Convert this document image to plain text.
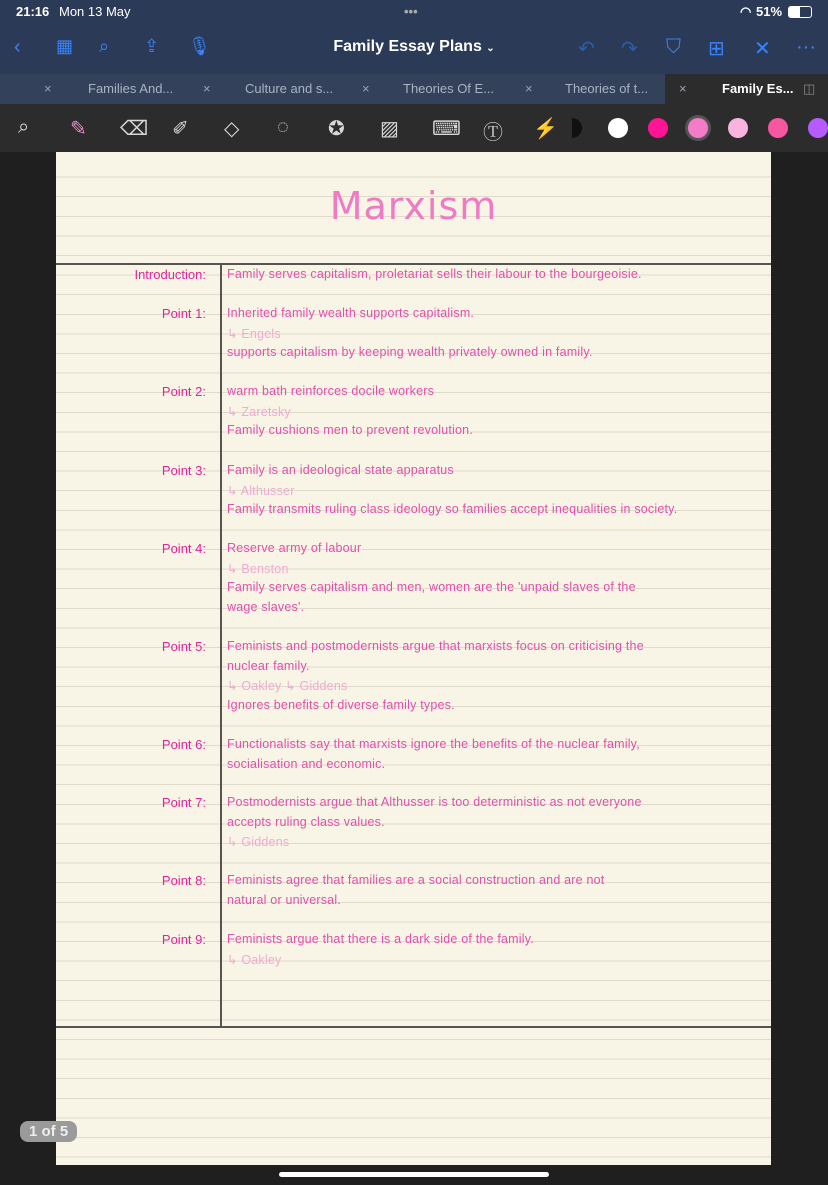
21:16 Mon 13 May	•••	◠ 51%
‹ ▦ ⌕ ⇪ 🎙	Family Essay Plans ⌄	↶ ↷ ⛉ ⊞ ✕ ···
×	Families And... ×	Culture and s... ×	Theories Of E... × Theories of t... ×	Family Es... ◫
⌕ ✎ ⌫ ✐ ◇ ◌ ✪ ▨ ⌨ Ⓣ ⚡
Marxism
Introduction: Family serves capitalism, proletariat sells their labour to the bourgeoisie.
Point 1: Inherited family wealth supports capitalism.
↳ Engels
supports capitalism by keeping wealth privately owned in family.
Point 2: warm bath reinforces docile workers
↳ Zaretsky
Family cushions men to prevent revolution.
Point 3: Family is an ideological state apparatus
↳ Althusser
Family transmits ruling class ideology so families accept inequalities in society.
Point 4: Reserve army of labour
↳ Benston
Family serves capitalism and men, women are the 'unpaid slaves of the
wage slaves'.
Point 5: Feminists and postmodernists argue that marxists focus on criticising the
nuclear family.
↳ Oakley ↳ Giddens
Ignores benefits of diverse family types.
Point 6: Functionalists say that marxists ignore the benefits of the nuclear family,
socialisation and economic.
Point 7: Postmodernists argue that Althusser is too deterministic as not everyone
accepts ruling class values.
↳ Giddens
Point 8: Feminists agree that families are a social construction and are not
natural or universal.
Point 9: Feminists argue that there is a dark side of the family.
↳ Oakley
1 of 5
